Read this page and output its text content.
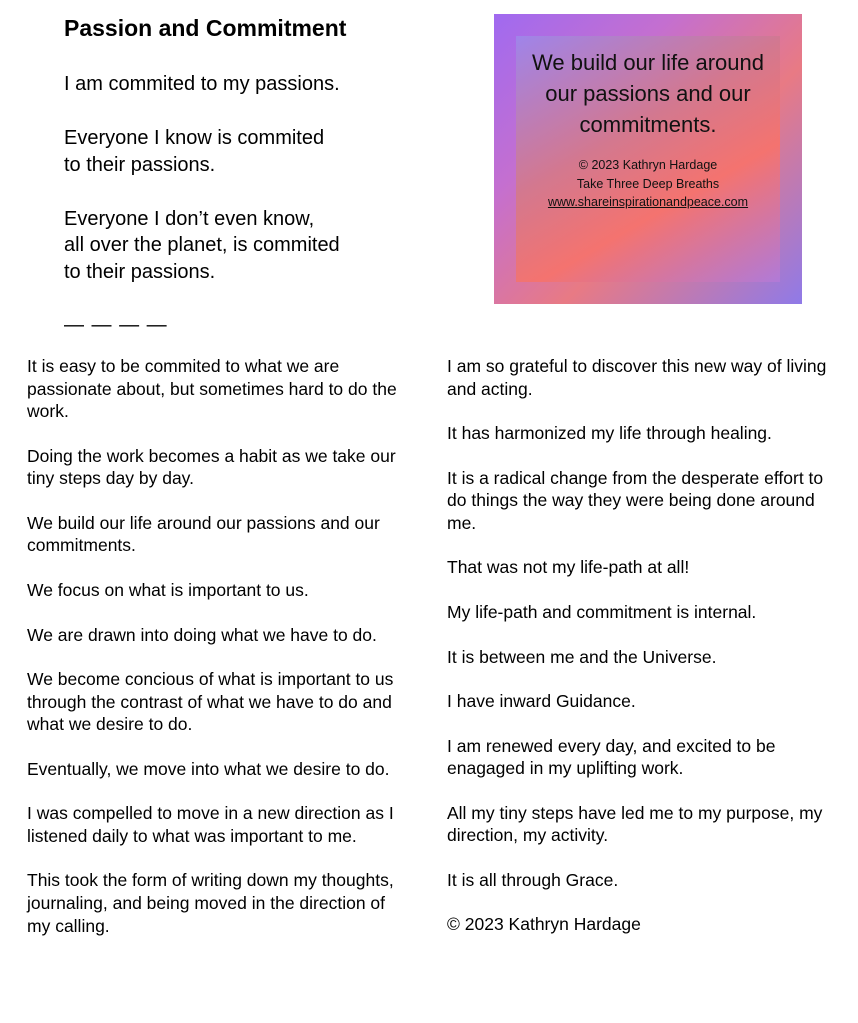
Passion and Commitment

I am commited to my passions.

Everyone I know is commited
to their passions.

Everyone I don’t even know,
all over the planet, is commited
to their passions.

— — — —

We build our life around our passions and our commitments.
© 2023 Kathryn Hardage
Take Three Deep Breaths

www.shareinspirationandpeace.com

It is easy to be commited to what we are passionate about, but sometimes hard to do the work.

Doing the work becomes a habit as we take our tiny steps day by day.

We build our life around our passions and our commitments.

We focus on what is important to us.

We are drawn into doing what we have to do.

We become concious of what is important to us through the contrast of what we have to do and what we desire to do.

Eventually, we move into what we desire to do.

I was compelled to move in a new direction as I listened daily to what was important to me.

This took the form of writing down my thoughts, journaling, and being moved in the direction of my calling.

I am so grateful to discover this new way of living and acting.

It has harmonized my life through healing.

It is a radical change from the desperate effort to do things the way they were being done around me.

That was not my life-path at all!

My life-path and commitment is internal.

It is between me and the Universe.

I have inward Guidance.

I am renewed every day, and excited to be enagaged in my uplifting work.

All my tiny steps have led me to my purpose, my direction, my activity.

It is all through Grace.

© 2023 Kathryn Hardage
